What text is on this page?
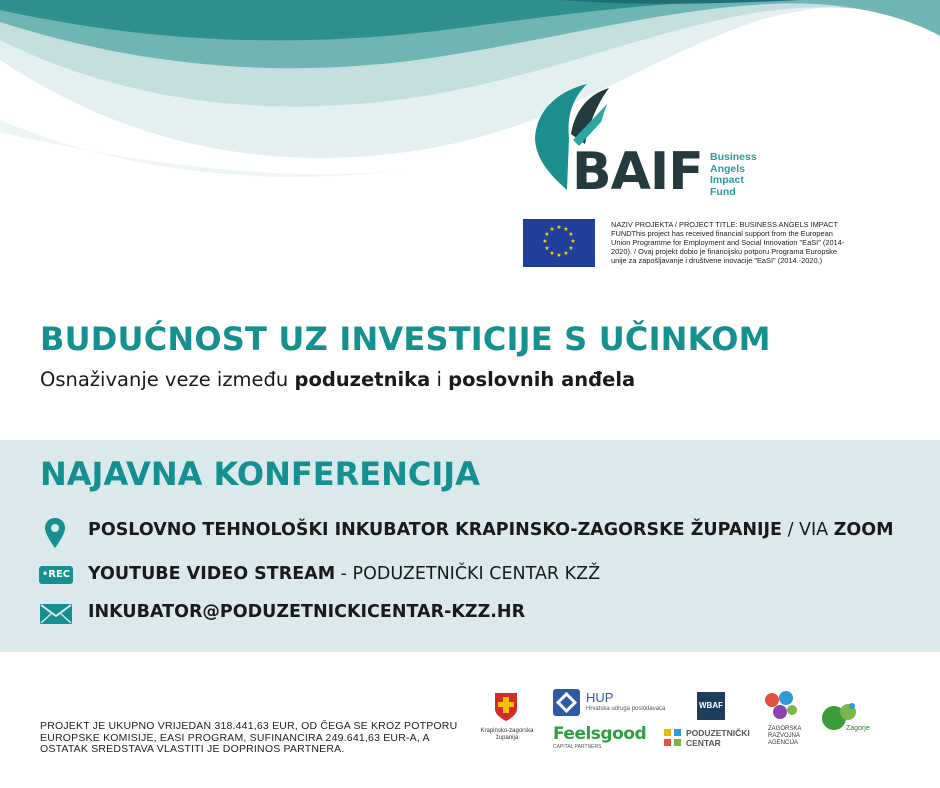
BAIF Business
Angels
Impact
Fund
★ ★
★
★
★
★
★
★
★
★
★
★
NAZIV PROJEKTA / PROJECT TITLE: BUSINESS ANGELS IMPACT FUNDThis project has received financial support from the European Union Programme for Employment and Social Innovation "EaSI" (2014-2020). / Ovaj projekt dobio je financijsku potporu Programa Europske unije za zapošljavanje i društvene inovacije "EaSI" (2014.-2020.)
BUDUĆNOST UZ INVESTICIJE S UČINKOM
Osnaživanje veze između poduzetnika i poslovnih anđela
NAJAVNA KONFERENCIJA
POSLOVNO TEHNOLOŠKI INKUBATOR KRAPINSKO-ZAGORSKE ŽUPANIJE / VIA ZOOM
•REC YOUTUBE VIDEO STREAM - PODUZETNIČKI CENTAR KZŽ
INKUBATOR@PODUZETNICKICENTAR-KZZ.HR
PROJEKT JE UKUPNO VRIJEDAN 318.441,63 EUR, OD ČEGA SE KROZ POTPORU EUROPSKE KOMISIJE, EASI PROGRAM, SUFINANCIRA 249.641,63 EUR-A, A OSTATAK SREDSTAVA VLASTITI JE DOPRINOS PARTNERA.
Krapinsko-zagorska
županija
HUP
Hrvatska udruga poslodavaca
Feelsgood
CAPITAL PARTNERS
WBAF
PODUZETNIČKI
CENTAR
ZAGORSKA
RAZVOJNA
AGENCIJA
Zagorje
